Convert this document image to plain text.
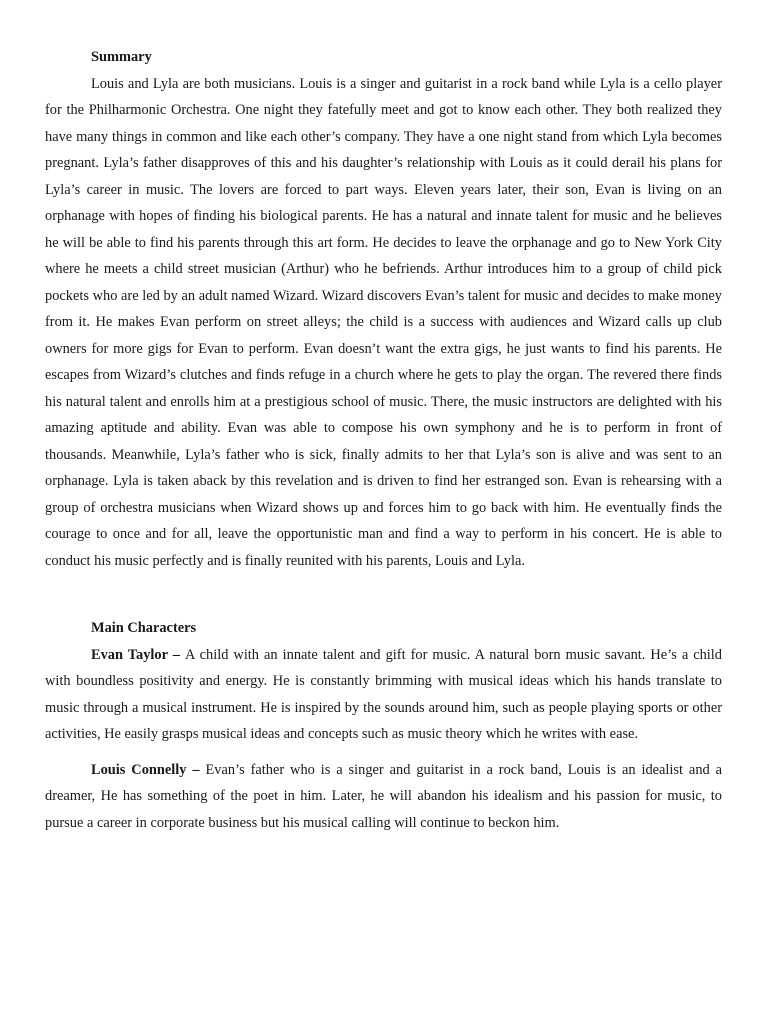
Summary

Louis and Lyla are both musicians. Louis is a singer and guitarist in a rock band while Lyla is a cello player for the Philharmonic Orchestra. One night they fatefully meet and got to know each other. They both realized they have many things in common and like each other’s company. They have a one night stand from which Lyla becomes pregnant. Lyla’s father disapproves of this and his daughter’s relationship with Louis as it could derail his plans for Lyla’s career in music. The lovers are forced to part ways. Eleven years later, their son, Evan is living on an orphanage with hopes of finding his biological parents. He has a natural and innate talent for music and he believes he will be able to find his parents through this art form. He decides to leave the orphanage and go to New York City where he meets a child street musician (Arthur) who he befriends. Arthur introduces him to a group of child pick pockets who are led by an adult named Wizard. Wizard discovers Evan’s talent for music and decides to make money from it. He makes Evan perform on street alleys; the child is a success with audiences and Wizard calls up club owners for more gigs for Evan to perform. Evan doesn’t want the extra gigs, he just wants to find his parents. He escapes from Wizard’s clutches and finds refuge in a church where he gets to play the organ. The revered there finds his natural talent and enrolls him at a prestigious school of music. There, the music instructors are delighted with his amazing aptitude and ability. Evan was able to compose his own symphony and he is to perform in front of thousands. Meanwhile, Lyla’s father who is sick, finally admits to her that Lyla’s son is alive and was sent to an orphanage. Lyla is taken aback by this revelation and is driven to find her estranged son. Evan is rehearsing with a group of orchestra musicians when Wizard shows up and forces him to go back with him. He eventually finds the courage to once and for all, leave the opportunistic man and find a way to perform in his concert. He is able to conduct his music perfectly and is finally reunited with his parents, Louis and Lyla.

Main Characters

Evan Taylor – A child with an innate talent and gift for music. A natural born music savant. He’s a child with boundless positivity and energy. He is constantly brimming with musical ideas which his hands translate to music through a musical instrument. He is inspired by the sounds around him, such as people playing sports or other activities, He easily grasps musical ideas and concepts such as music theory which he writes with ease.

Louis Connelly – Evan’s father who is a singer and guitarist in a rock band, Louis is an idealist and a dreamer, He has something of the poet in him. Later, he will abandon his idealism and his passion for music, to pursue a career in corporate business but his musical calling will continue to beckon him.
